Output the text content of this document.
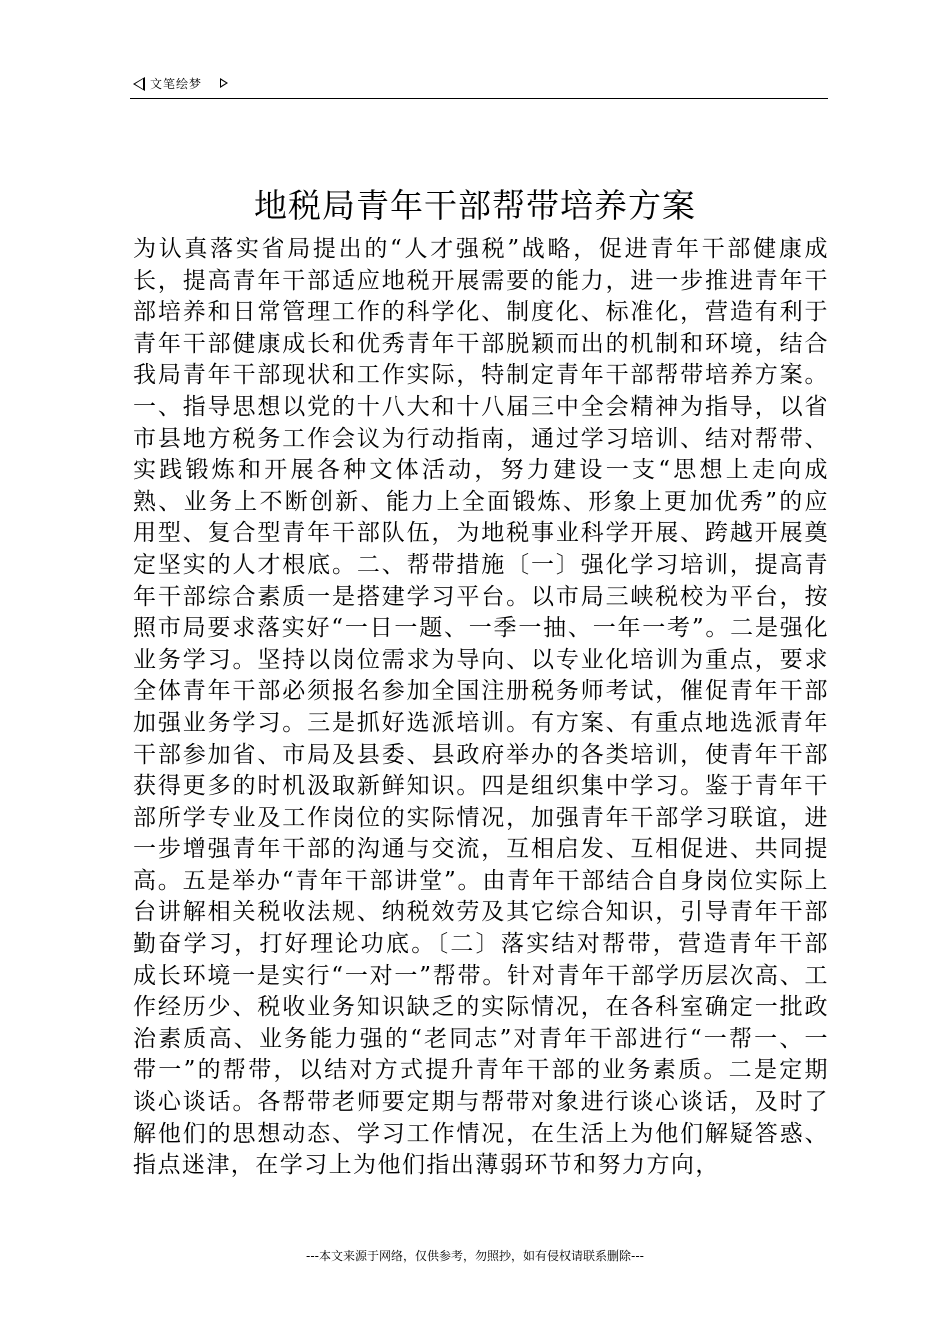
文笔绘梦
地税局青年干部帮带培养方案
为认真落实省局提出的“人才强税”战略，促进青年干部健康成长，提高青年干部适应地税开展需要的能力，进一步推进青年干部培养和日常管理工作的科学化、制度化、标准化，营造有利于青年干部健康成长和优秀青年干部脱颖而出的机制和环境，结合我局青年干部现状和工作实际，特制定青年干部帮带培养方案。一、指导思想以党的十八大和十八届三中全会精神为指导，以省市县地方税务工作会议为行动指南，通过学习培训、结对帮带、实践锻炼和开展各种文体活动，努力建设一支“思想上走向成熟、业务上不断创新、能力上全面锻炼、形象上更加优秀”的应用型、复合型青年干部队伍，为地税事业科学开展、跨越开展奠定坚实的人才根底。二、帮带措施〔一〕强化学习培训，提高青年干部综合素质一是搭建学习平台。以市局三峡税校为平台，按照市局要求落实好“一日一题、一季一抽、一年一考”。二是强化业务学习。坚持以岗位需求为导向、以专业化培训为重点，要求全体青年干部必须报名参加全国注册税务师考试，催促青年干部加强业务学习。三是抓好选派培训。有方案、有重点地选派青年干部参加省、市局及县委、县政府举办的各类培训，使青年干部获得更多的时机汲取新鲜知识。四是组织集中学习。鉴于青年干部所学专业及工作岗位的实际情况，加强青年干部学习联谊，进一步增强青年干部的沟通与交流，互相启发、互相促进、共同提高。五是举办“青年干部讲堂”。由青年干部结合自身岗位实际上台讲解相关税收法规、纳税效劳及其它综合知识，引导青年干部勤奋学习，打好理论功底。〔二〕落实结对帮带，营造青年干部成长环境一是实行“一对一”帮带。针对青年干部学历层次高、工作经历少、税收业务知识缺乏的实际情况，在各科室确定一批政治素质高、业务能力强的“老同志”对青年干部进行“一帮一、一带一”的帮带，以结对方式提升青年干部的业务素质。二是定期谈心谈话。各帮带老师要定期与帮带对象进行谈心谈话，及时了解他们的思想动态、学习工作情况，在生活上为他们解疑答惑、指点迷津，在学习上为他们指出薄弱环节和努力方向，
---本文来源于网络，仅供参考，勿照抄，如有侵权请联系删除---
